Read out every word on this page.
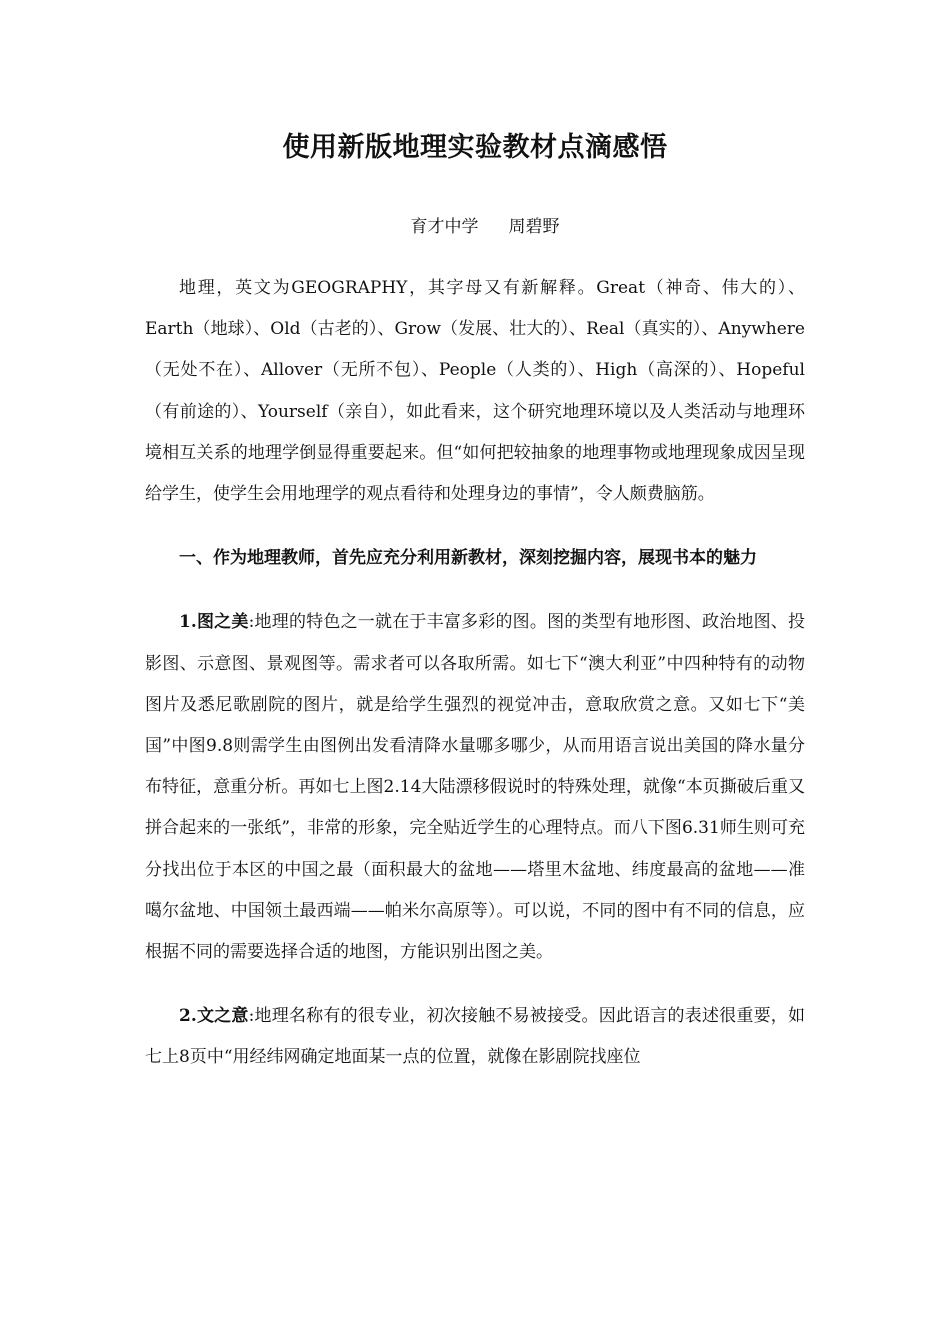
使用新版地理实验教材点滴感悟
育才中学 周碧野

地理，英文为GEOGRAPHY，其字母又有新解释。Great（神奇、伟大的）、Earth（地球）、Old（古老的）、Grow（发展、壮大的）、Real（真实的）、Anywhere（无处不在）、Allover（无所不包）、People（人类的）、High（高深的）、Hopeful（有前途的）、Yourself（亲自），如此看来，这个研究地理环境以及人类活动与地理环境相互关系的地理学倒显得重要起来。但“如何把较抽象的地理事物或地理现象成因呈现给学生，使学生会用地理学的观点看待和处理身边的事情”，令人颇费脑筋。

一、作为地理教师，首先应充分利用新教材，深刻挖掘内容，展现书本的魅力

1.图之美:地理的特色之一就在于丰富多彩的图。图的类型有地形图、政治地图、投影图、示意图、景观图等。需求者可以各取所需。如七下“澳大利亚”中四种特有的动物图片及悉尼歌剧院的图片，就是给学生强烈的视觉冲击，意取欣赏之意。又如七下“美国”中图9.8则需学生由图例出发看清降水量哪多哪少，从而用语言说出美国的降水量分布特征，意重分析。再如七上图2.14大陆漂移假说时的特殊处理，就像“本页撕破后重又拼合起来的一张纸”，非常的形象，完全贴近学生的心理特点。而八下图6.31师生则可充分找出位于本区的中国之最（面积最大的盆地——塔里木盆地、纬度最高的盆地——准噶尔盆地、中国领土最西端——帕米尔高原等）。可以说，不同的图中有不同的信息，应根据不同的需要选择合适的地图，方能识别出图之美。

2.文之意:地理名称有的很专业，初次接触不易被接受。因此语言的表述很重要，如七上8页中“用经纬网确定地面某一点的位置，就像在影剧院找座位
